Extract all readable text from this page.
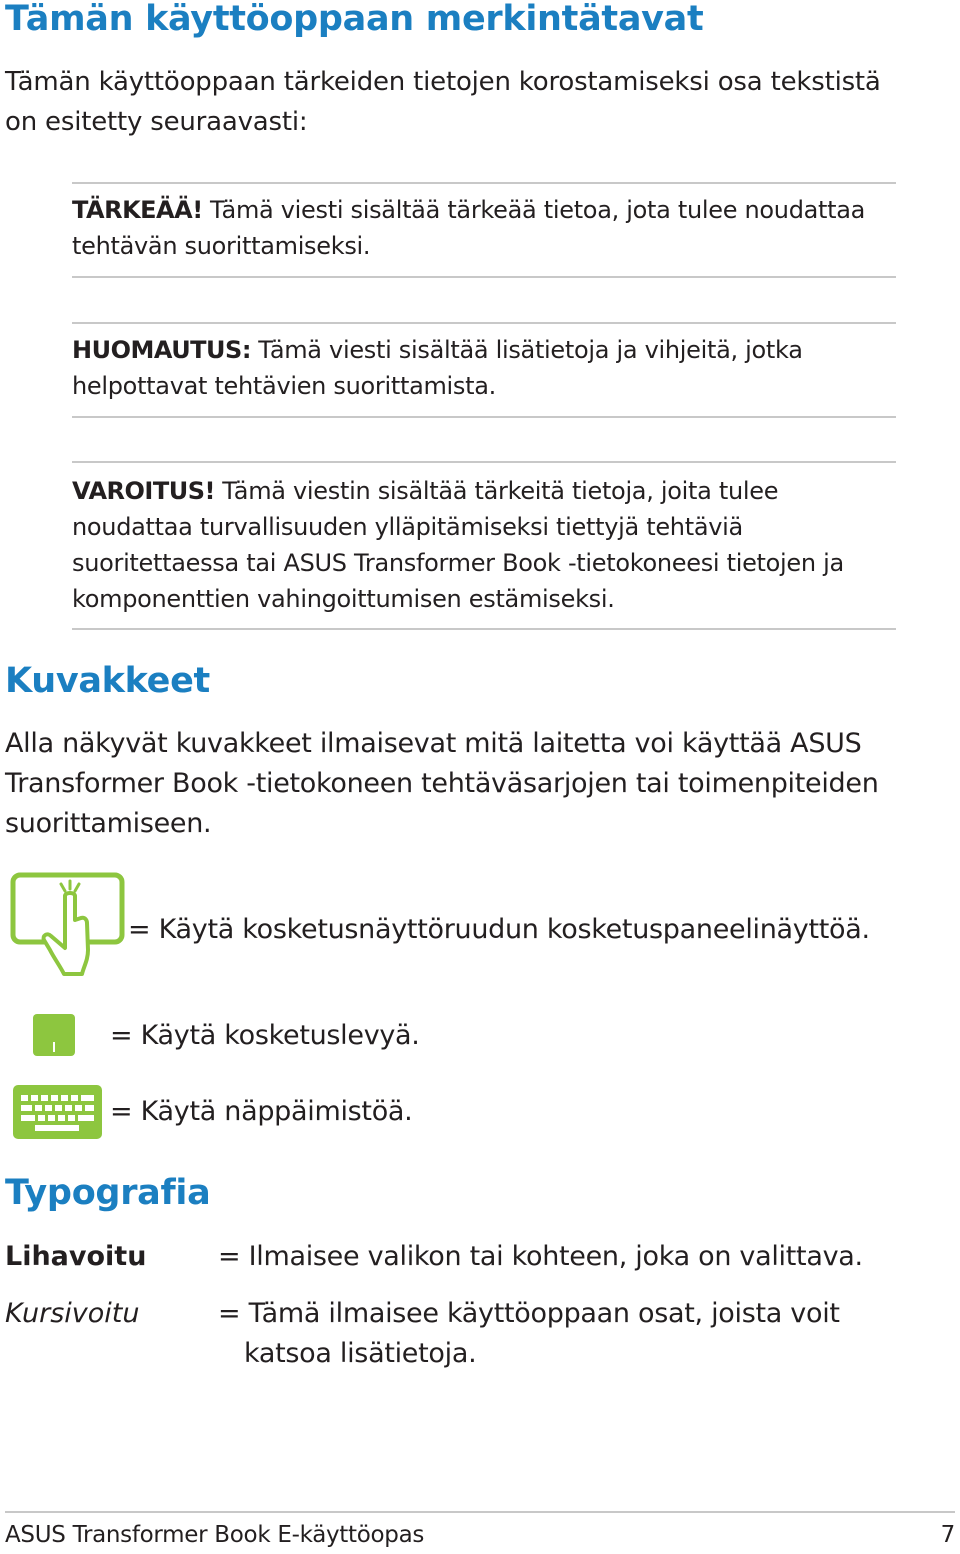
Tämän käyttöoppaan merkintätavat

Tämän käyttöoppaan tärkeiden tietojen korostamiseksi osa tekstistä on esitetty seuraavasti:

TÄRKEÄÄ! Tämä viesti sisältää tärkeää tietoa, jota tulee noudattaa tehtävän suorittamiseksi.

HUOMAUTUS: Tämä viesti sisältää lisätietoja ja vihjeitä, jotka helpottavat tehtävien suorittamista.

VAROITUS! Tämä viestin sisältää tärkeitä tietoja, joita tulee noudattaa turvallisuuden ylläpitämiseksi tiettyjä tehtäviä suoritettaessa tai ASUS Transformer Book -tietokoneesi tietojen ja komponenttien vahingoittumisen estämiseksi.

Kuvakkeet

Alla näkyvät kuvakkeet ilmaisevat mitä laitetta voi käyttää ASUS Transformer Book -tietokoneen tehtäväsarjojen tai toimenpiteiden suorittamiseen.

= Käytä kosketusnäyttöruudun kosketuspaneelinäyttöä.
= Käytä kosketuslevyä.
= Käytä näppäimistöä.
Typografia
Lihavoitu	= Ilmaisee valikon tai kohteen, joka on valittava.
Kursivoitu	= Tämä ilmaisee käyttöoppaan osat, joista voit katsoa lisätietoja.
ASUS Transformer Book E-käyttöopas	7
